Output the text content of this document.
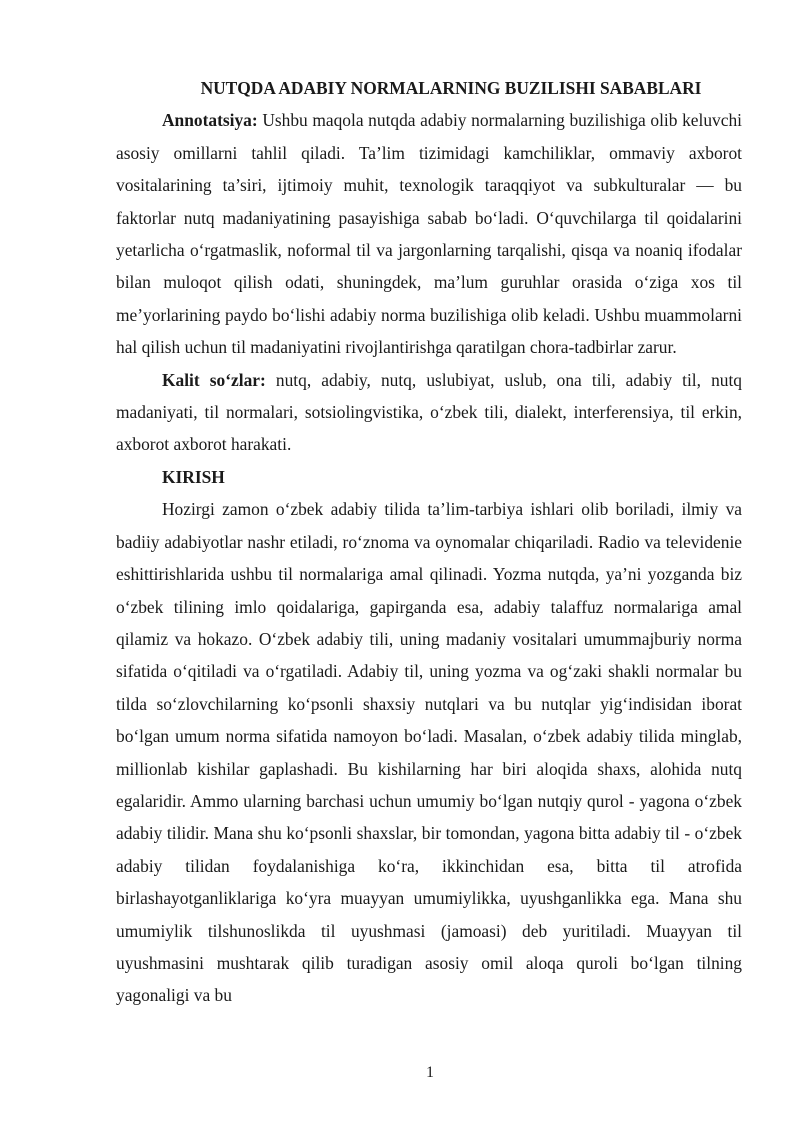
NUTQDA ADABIY NORMALARNING BUZILISHI SABABLARI

Annotatsiya: Ushbu maqola nutqda adabiy normalarning buzilishiga olib keluvchi asosiy omillarni tahlil qiladi. Ta’lim tizimidagi kamchiliklar, ommaviy axborot vositalarining ta’siri, ijtimoiy muhit, texnologik taraqqiyot va subkulturalar — bu faktorlar nutq madaniyatining pasayishiga sabab bo‘ladi. O‘quvchilarga til qoidalarini yetarlicha o‘rgatmaslik, noformal til va jargonlarning tarqalishi, qisqa va noaniq ifodalar bilan muloqot qilish odati, shuningdek, ma’lum guruhlar orasida o‘ziga xos til me’yorlarining paydo bo‘lishi adabiy norma buzilishiga olib keladi. Ushbu muammolarni hal qilish uchun til madaniyatini rivojlantirishga qaratilgan chora-tadbirlar zarur.

Kalit so‘zlar: nutq, adabiy, nutq, uslubiyat, uslub, ona tili, adabiy til, nutq madaniyati, til normalari, sotsiolingvistika, o‘zbek tili, dialekt, interferensiya, til erkin, axborot axborot harakati.

KIRISH

Hozirgi zamon o‘zbek adabiy tilida ta’lim-tarbiya ishlari olib boriladi, ilmiy va badiiy adabiyotlar nashr etiladi, ro‘znoma va oynomalar chiqariladi. Radio va televidenie eshittirishlarida ushbu til normalariga amal qilinadi. Yozma nutqda, ya’ni yozganda biz o‘zbek tilining imlo qoidalariga, gapirganda esa, adabiy talaffuz normalariga amal qilamiz va hokazo. O‘zbek adabiy tili, uning madaniy vositalari umummajburiy norma sifatida o‘qitiladi va o‘rgatiladi. Adabiy til, uning yozma va og‘zaki shakli normalar bu tilda so‘zlovchilarning ko‘psonli shaxsiy nutqlari va bu nutqlar yig‘indisidan iborat bo‘lgan umum norma sifatida namoyon bo‘ladi. Masalan, o‘zbek adabiy tilida minglab, millionlab kishilar gaplashadi. Bu kishilarning har biri aloqida shaxs, alohida nutq egalaridir. Ammo ularning barchasi uchun umumiy bo‘lgan nutqiy qurol - yagona o‘zbek adabiy tilidir. Mana shu ko‘psonli shaxslar, bir tomondan, yagona bitta adabiy til - o‘zbek adabiy tilidan foydalanishiga ko‘ra, ikkinchidan esa, bitta til atrofida birlashayotganliklariga ko‘yra muayyan umumiylikka, uyushganlikka ega. Mana shu umumiylik tilshunoslikda til uyushmasi (jamoasi) deb yuritiladi. Muayyan til uyushmasini mushtarak qilib turadigan asosiy omil aloqa quroli bo‘lgan tilning yagonaligi va bu

1
